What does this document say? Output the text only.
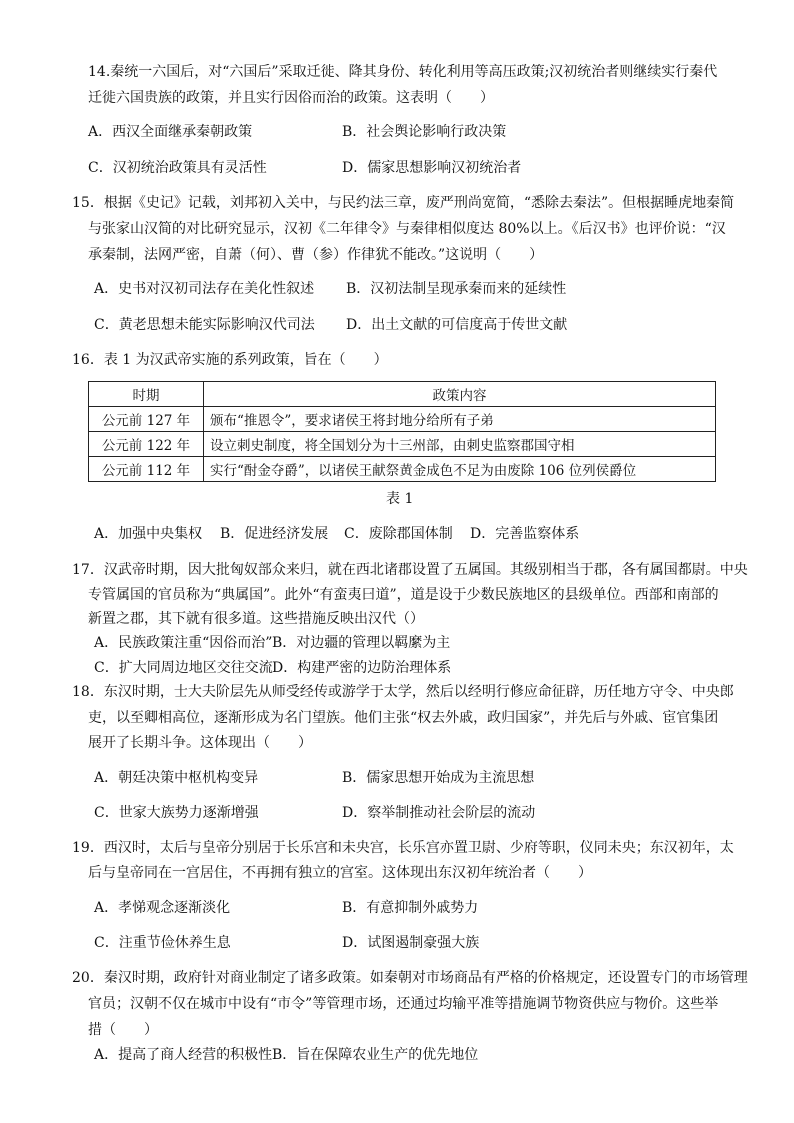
14.秦统一六国后，对“六国后”采取迁徙、降其身份、转化利用等高压政策;汉初统治者则继续实行秦代
迁徙六国贵族的政策，并且实行因俗而治的政策。这表明（　　）
A．西汉全面继承秦朝政策	B．社会舆论影响行政决策
C．汉初统治政策具有灵活性	D．儒家思想影响汉初统治者
15．根据《史记》记载，刘邦初入关中，与民约法三章，废严刑尚宽简，“悉除去秦法”。但根据睡虎地秦简
与张家山汉简的对比研究显示，汉初《二年律令》与秦律相似度达 80%以上。《后汉书》也评价说：“汉
承秦制，法网严密，自萧（何）、曹（参）作律犹不能改。”这说明（　　）
A．史书对汉初司法存在美化性叙述 B．汉初法制呈现承秦而来的延续性
C．黄老思想未能实际影响汉代司法 D．出土文献的可信度高于传世文献
16．表 1 为汉武帝实施的系列政策，旨在（　　）
时期	政策内容
公元前 127 年	颁布“推恩令”，要求诸侯王将封地分给所有子弟
公元前 122 年	设立刺史制度，将全国划分为十三州部，由刺史监察郡国守相
公元前 112 年	实行“酎金夺爵”，以诸侯王献祭黄金成色不足为由废除 106 位列侯爵位
表 1
A．加强中央集权 B．促进经济发展 C．废除郡国体制 D．完善监察体系
17．汉武帝时期，因大批匈奴部众来归，就在西北诸郡设置了五属国。其级别相当于郡，各有属国都尉。中央
专管属国的官员称为“典属国”。此外“有蛮夷曰道”，道是设于少数民族地区的县级单位。西部和南部的
新置之郡，其下就有很多道。这些措施反映出汉代（）
A．民族政策注重“因俗而治” B．对边疆的管理以羁縻为主
C．扩大同周边地区交往交流 D．构建严密的边防治理体系
18．东汉时期，士大夫阶层先从师受经传或游学于太学，然后以经明行修应命征辟，历任地方守令、中央郎
吏，以至卿相高位，逐渐形成为名门望族。他们主张“权去外戚，政归国家”，并先后与外戚、宦官集团
展开了长期斗争。这体现出（　　）
A．朝廷决策中枢机构变异	B．儒家思想开始成为主流思想
C．世家大族势力逐渐增强	D．察举制推动社会阶层的流动
19．西汉时，太后与皇帝分别居于长乐宫和未央宫，长乐宫亦置卫尉、少府等职，仪同未央；东汉初年，太
后与皇帝同在一宫居住，不再拥有独立的宫室。这体现出东汉初年统治者（　　）
A．孝悌观念逐渐淡化	B．有意抑制外戚势力
C．注重节俭休养生息	D．试图遏制豪强大族
20．秦汉时期，政府针对商业制定了诸多政策。如秦朝对市场商品有严格的价格规定，还设置专门的市场管理
官员；汉朝不仅在城市中设有“市令”等管理市场，还通过均输平准等措施调节物资供应与物价。这些举
措（　　）
A．提高了商人经营的积极性 B．旨在保障农业生产的优先地位
